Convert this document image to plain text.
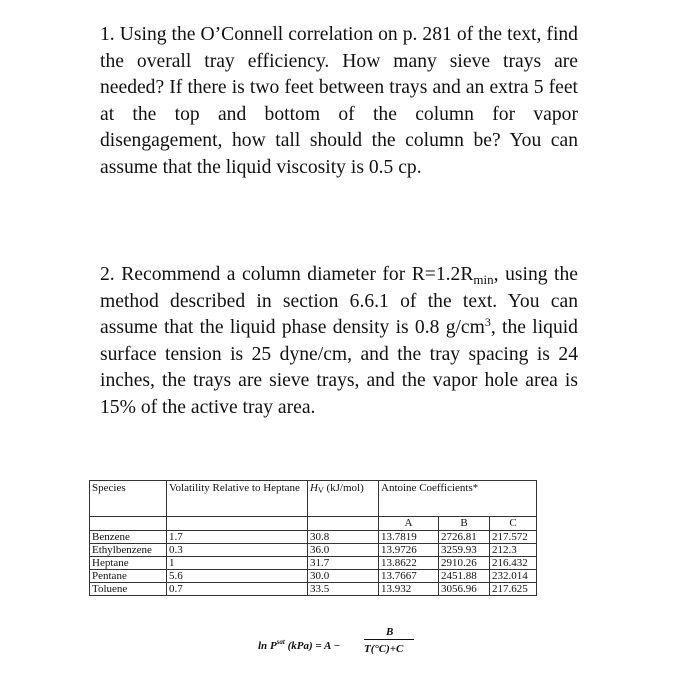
1. Using the O’Connell correlation on p. 281 of the text, find the overall tray efficiency. How many sieve trays are needed? If there is two feet between trays and an extra 5 feet at the top and bottom of the column for vapor disengagement, how tall should the column be? You can assume that the liquid viscosity is 0.5 cp.

2. Recommend a column diameter for $R=1.2R_{min}$, using the method described in section 6.6.1 of the text. You can assume that the liquid phase density is 0.8 $g/cm^3$, the liquid surface tension is 25 dyne/cm, and the tray spacing is 24 inches, the trays are sieve trays, and the vapor hole area is 15% of the active tray area.

Species	Volatility Relative to Heptane	HV (kJ/mol)	Antoine Coefficients*		

			A	B	C
Benzene	1.7	30.8	13.7819	2726.81	217.572
Ethylbenzene	0.3	36.0	13.9726	3259.93	212.3
Heptane	1	31.7	13.8622	2910.26	216.432
Pentane	5.6	30.0	13.7667	2451.88	232.014
Toluene	0.7	33.5	13.932	3056.96	217.625
$\ln P^{sat}$ (kPa) = A −
B
T(°C)+C
